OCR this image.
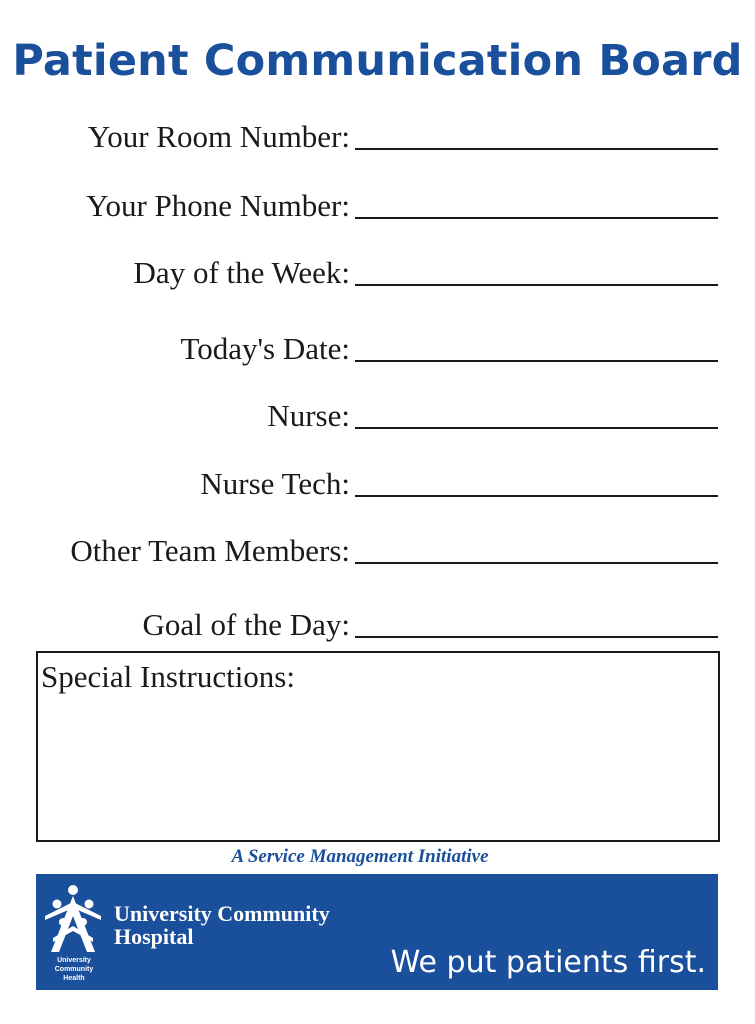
Patient Communication Board
Your Room Number:
Your Phone Number:
Day of the Week:
Today's Date:
Nurse:
Nurse Tech:
Other Team Members:
Goal of the Day:
Special Instructions:
A Service Management Initiative
University
Community
Health
University Community
Hospital
We put patients first.
